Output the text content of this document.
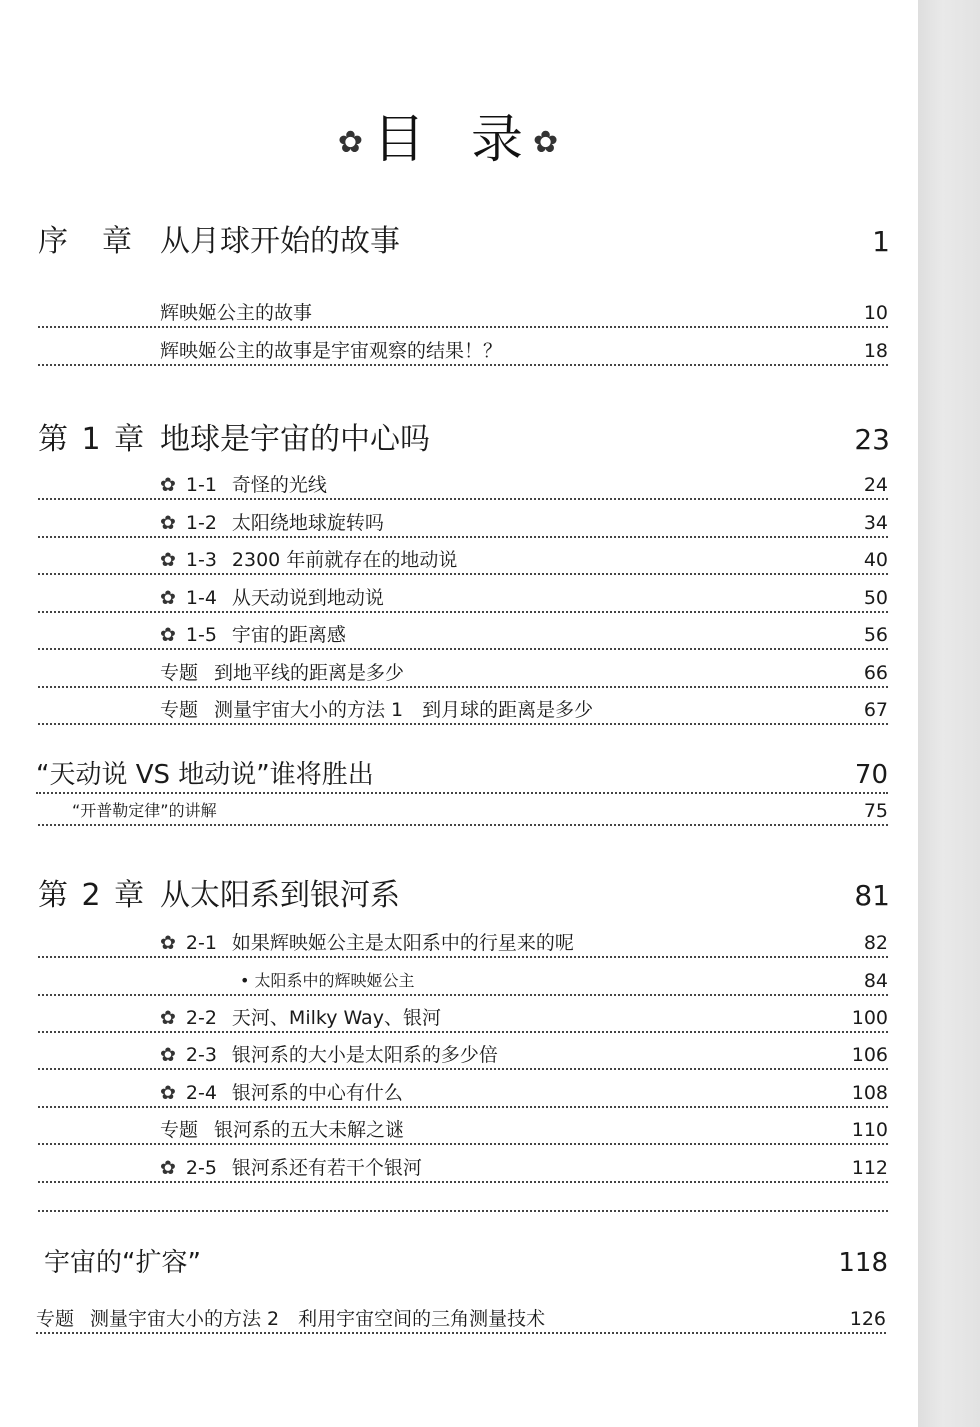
✿ 目 录 ✿
序　章 从月球开始的故事	1
辉映姬公主的故事	10
辉映姬公主的故事是宇宙观察的结果！？	18
第 1 章 地球是宇宙的中心吗	23
✿ 1-1 奇怪的光线	24
✿ 1-2 太阳绕地球旋转吗	34
✿ 1-3 2300 年前就存在的地动说	40
✿ 1-4 从天动说到地动说	50
✿ 1-5 宇宙的距离感	56
专题 到地平线的距离是多少	66
专题 测量宇宙大小的方法 1　到月球的距离是多少	67
“天动说 VS 地动说”谁将胜出	70
“开普勒定律”的讲解	75
第 2 章 从太阳系到银河系	81
✿ 2-1 如果辉映姬公主是太阳系中的行星来的呢	82
• 太阳系中的辉映姬公主	84
✿ 2-2 天河、Milky Way、银河	100
✿ 2-3 银河系的大小是太阳系的多少倍	106
✿ 2-4 银河系的中心有什么	108
专题 银河系的五大未解之谜	110
✿ 2-5 银河系还有若干个银河	112
宇宙的“扩容”	118
专题 测量宇宙大小的方法 2　利用宇宙空间的三角测量技术	126
